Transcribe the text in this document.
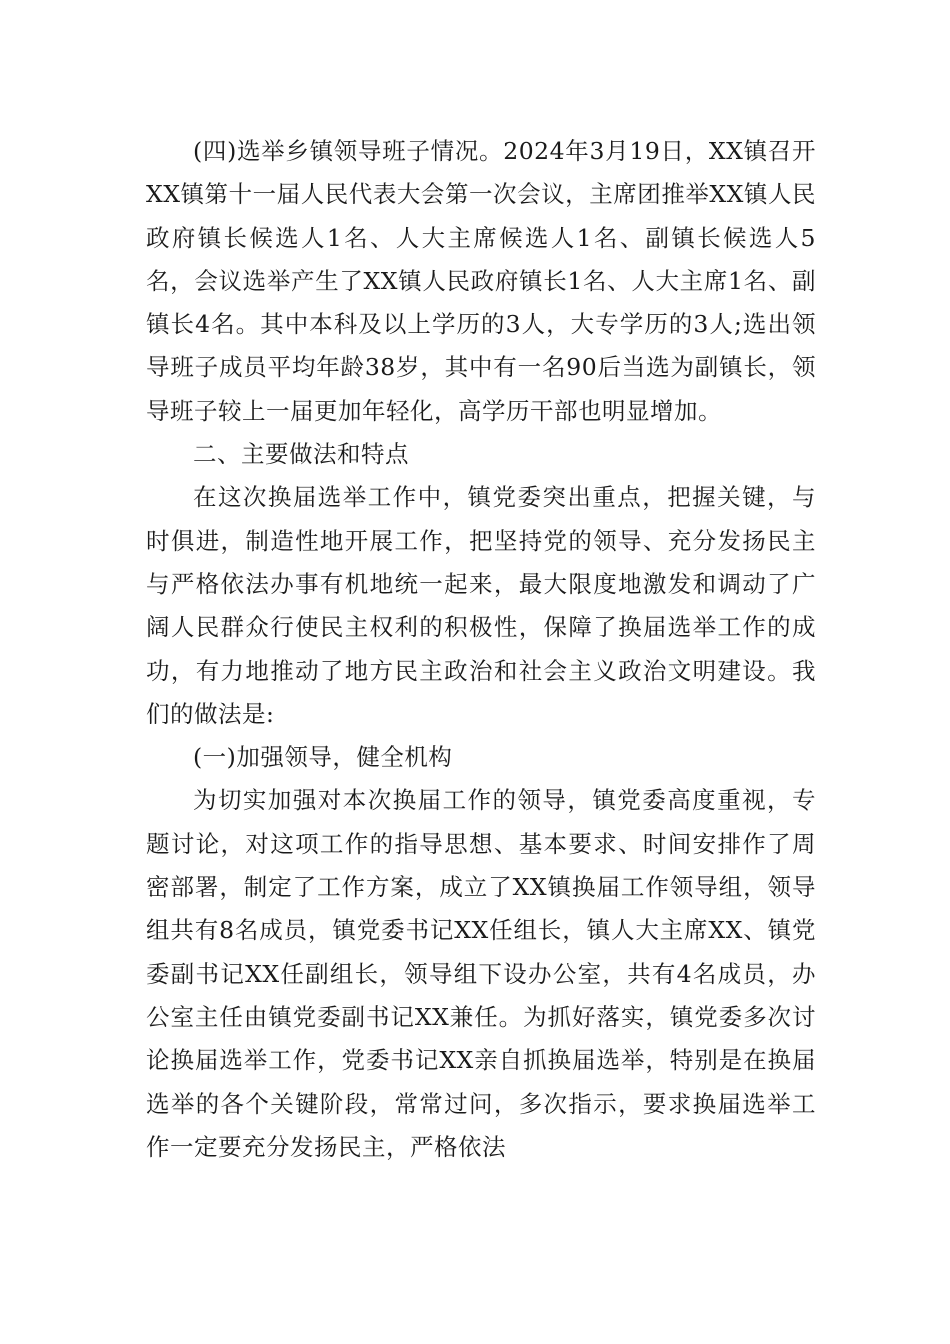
(四)选举乡镇领导班子情况。2024年3月19日，XX镇召开XX镇第十一届人民代表大会第一次会议，主席团推举XX镇人民政府镇长候选人1名、人大主席候选人1名、副镇长候选人5名，会议选举产生了XX镇人民政府镇长1名、人大主席1名、副镇长4名。其中本科及以上学历的3人，大专学历的3人;选出领导班子成员平均年龄38岁，其中有一名90后当选为副镇长，领导班子较上一届更加年轻化，高学历干部也明显增加。

二、主要做法和特点

在这次换届选举工作中，镇党委突出重点，把握关键，与时俱进，制造性地开展工作，把坚持党的领导、充分发扬民主与严格依法办事有机地统一起来，最大限度地激发和调动了广阔人民群众行使民主权利的积极性，保障了换届选举工作的成功，有力地推动了地方民主政治和社会主义政治文明建设。我们的做法是:

(一)加强领导，健全机构

为切实加强对本次换届工作的领导，镇党委高度重视，专题讨论，对这项工作的指导思想、基本要求、时间安排作了周密部署，制定了工作方案，成立了XX镇换届工作领导组，领导组共有8名成员，镇党委书记XX任组长，镇人大主席XX、镇党委副书记XX任副组长，领导组下设办公室，共有4名成员，办公室主任由镇党委副书记XX兼任。为抓好落实，镇党委多次讨论换届选举工作，党委书记XX亲自抓换届选举，特别是在换届选举的各个关键阶段，常常过问，多次指示，要求换届选举工作一定要充分发扬民主，严格依法
